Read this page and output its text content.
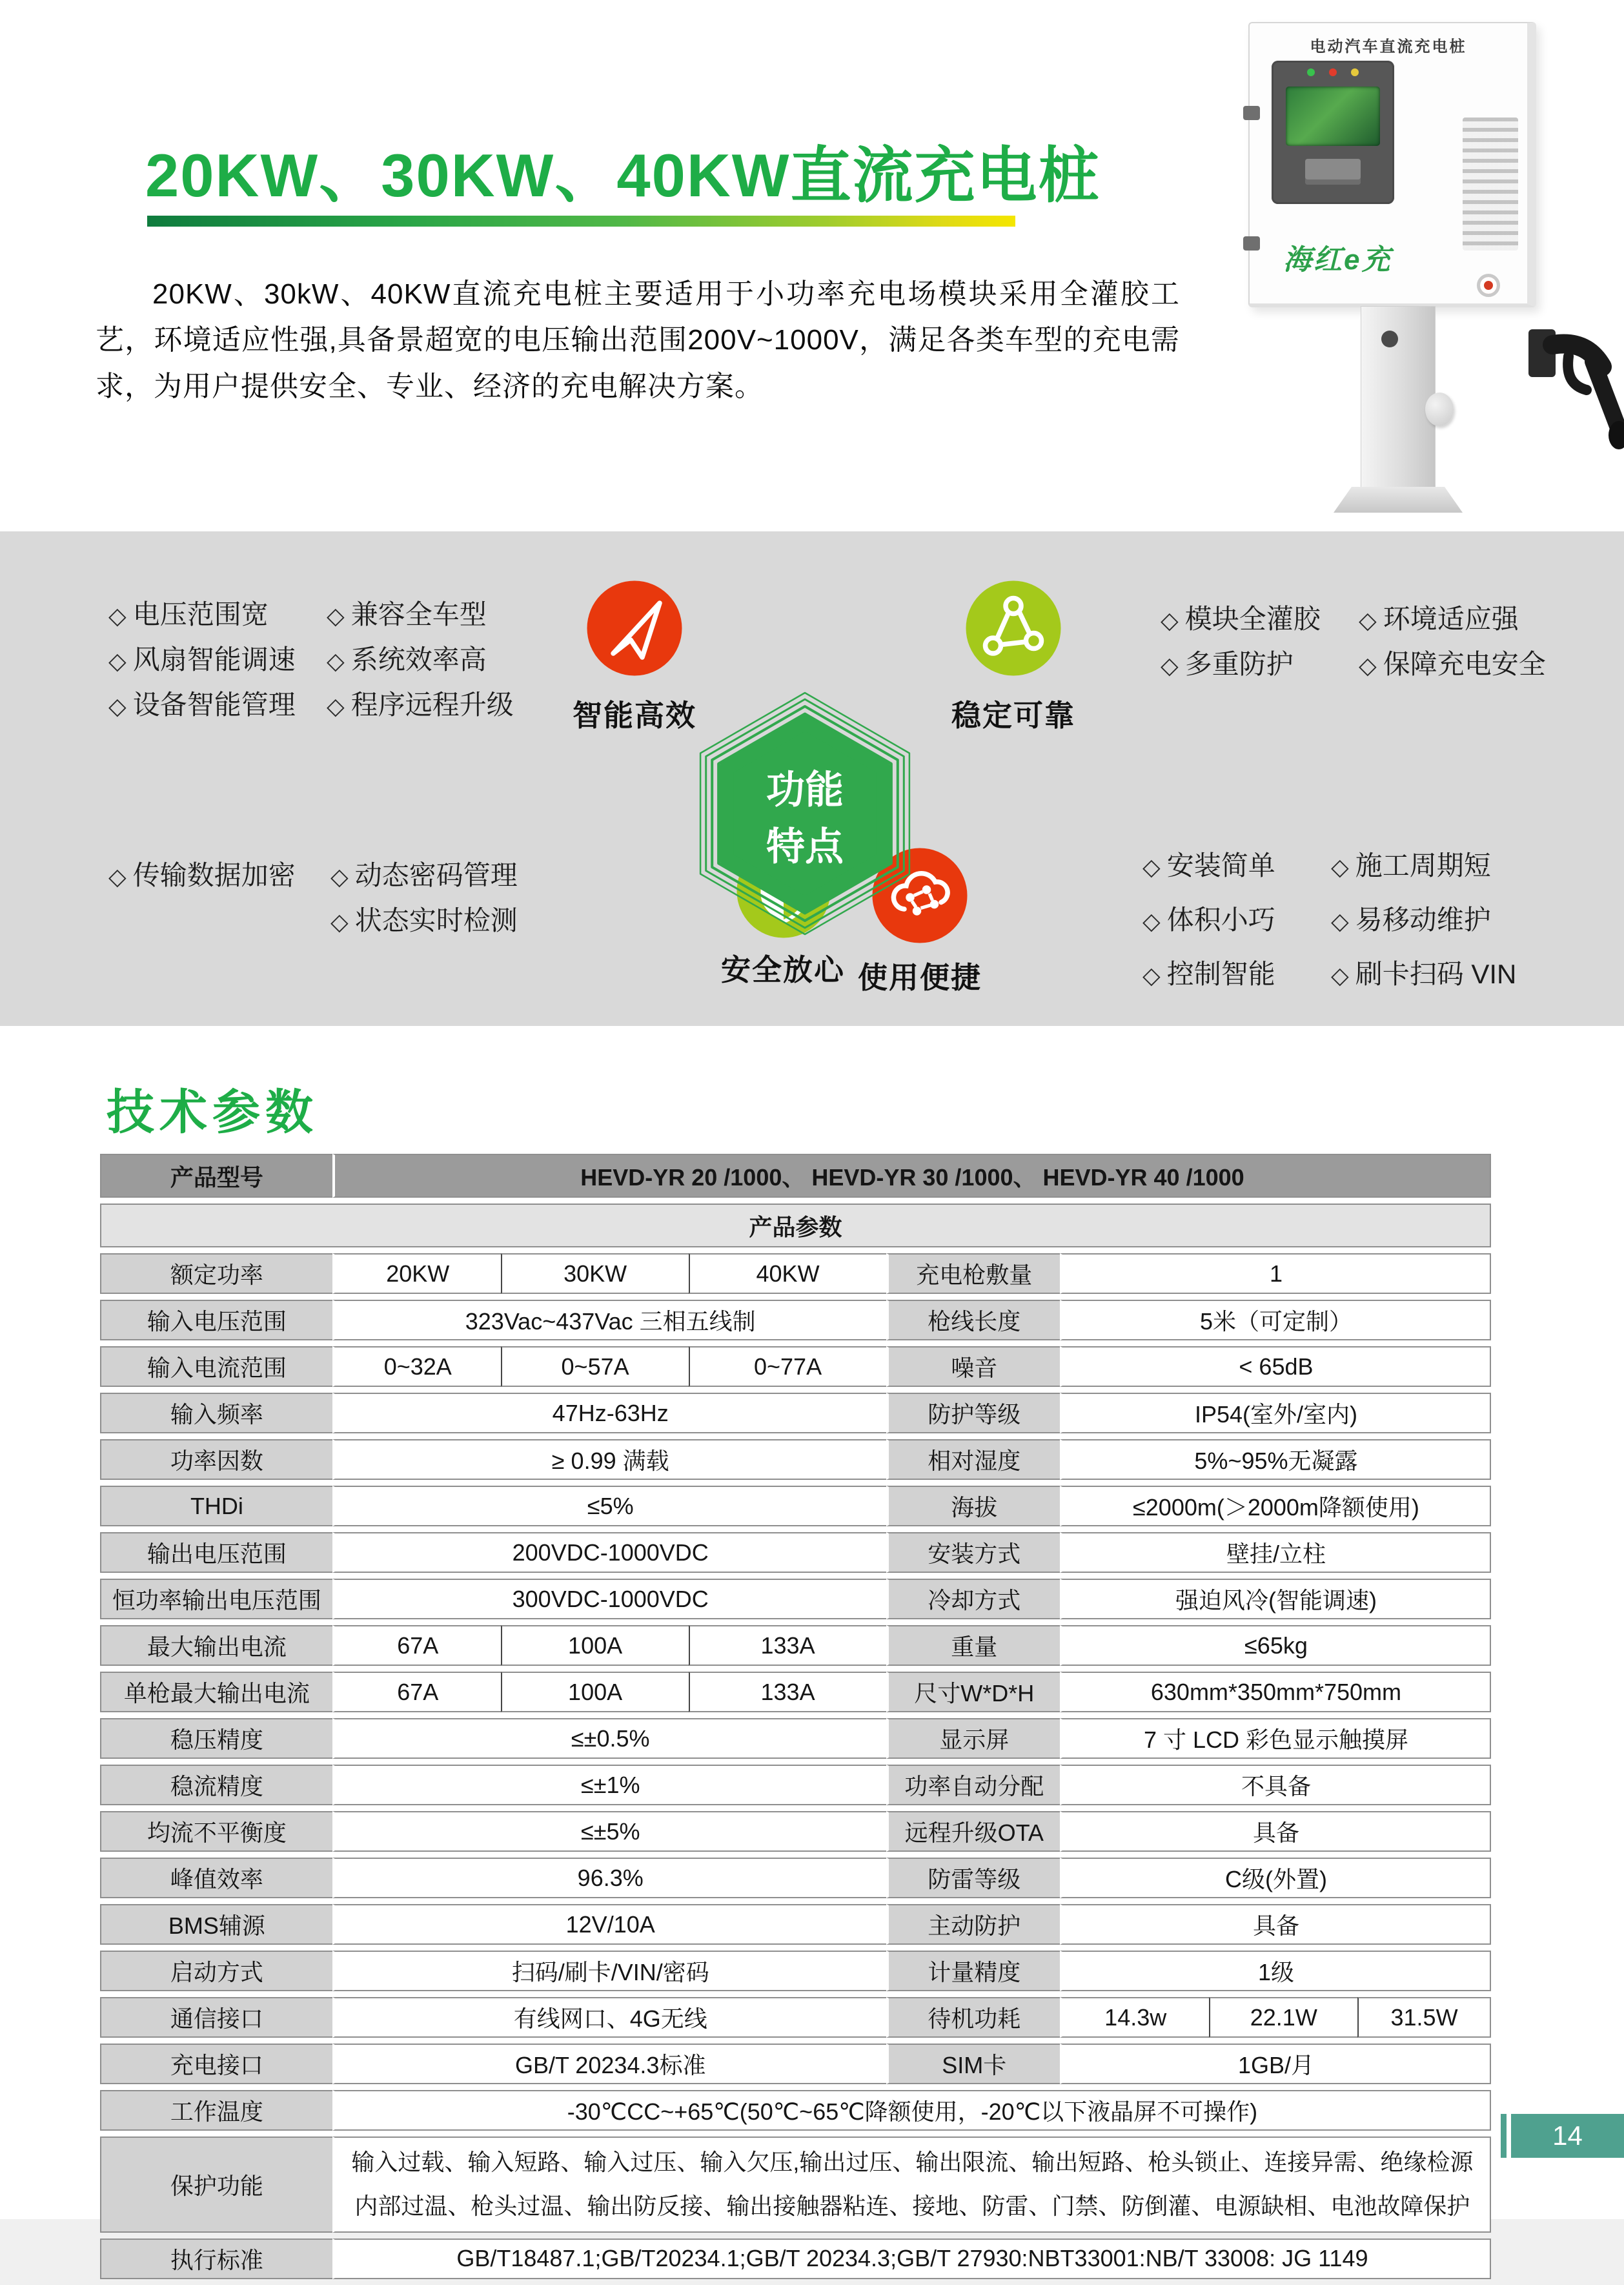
20KW、30KW、40KW直流充电桩
20KW、30kW、40KW直流充电桩主要适用于小功率充电场模块采用全灌胶工艺，环境适应性强,具备景超宽的电压输出范围200V~1000V，满足各类车型的充电需求，为用户提供安全、专业、经济的充电解决方案。
电动汽车直流充电桩
海红e充
◇ 电压范围宽
◇ 风扇智能调速
◇ 设备智能管理
◇ 兼容全车型
◇ 系统效率高
◇ 程序远程升级	智能高效	稳定可靠
◇ 模块全灌胶
◇ 多重防护
◇ 环境适应强
◇ 保障充电安全
◇ 传输数据加密	◇ 动态密码管理
◇ 状态实时检测
安全放心 使用便捷
◇ 安装简单
◇ 体积小巧
◇ 控制智能
◇ 施工周期短
◇ 易移动维护
◇ 刷卡扫码 VIN
功能
特点
技术参数
产品型号	HEVD-YR 20 /1000、 HEVD-YR 30 /1000、 HEVD-YR 40 /1000						
产品参数							
额定功率	20KW	30KW	40KW	充电枪敷量	1		
输入电压范围	323Vac~437Vac 三相五线制			枪线长度	5米（可定制）		
输入电流范围	0~32A	0~57A	0~77A	噪音	< 65dB		
输入频率	47Hz-63Hz			防护等级	IP54(室外/室内)		
功率因数	≥ 0.99 满载			相对湿度	5%~95%无凝露		
THDi	≤5%			海拔	≤2000m(＞2000m降额使用)		
输出电压范围	200VDC-1000VDC			安装方式	壁挂/立柱		
恒功率输出电压范围	300VDC-1000VDC			冷却方式	强迫风冷(智能调速)		
最大输出电流	67A	100A	133A	重量	≤65kg		
单枪最大输出电流	67A	100A	133A	尺寸W*D*H	630mm*350mm*750mm		
稳压精度	≤±0.5%			显示屏	7 寸 LCD 彩色显示触摸屏		
稳流精度	≤±1%			功率自动分配	不具备		
均流不平衡度	≤±5%			远程升级OTA	具备		
峰值效率	96.3%			防雷等级	C级(外置)		
BMS辅源	12V/10A			主动防护	具备		
启动方式	扫码/刷卡/VIN/密码			计量精度	1级		
通信接口	有线网口、4G无线			待机功耗	14.3w	22.1W	31.5W
充电接口	GB/T 20234.3标准			SIM卡	1GB/月		
工作温度	-30℃CC~+65℃(50℃~65℃降额使用，-20℃以下液晶屏不可操作)						
保护功能	输入过载、输入短路、输入过压、输入欠压,输出过压、输出限流、输出短路、枪头锁止、连接异需、绝缘检源内部过温、枪头过温、输出防反接、输出接触器粘连、接地、防雷、门禁、防倒灌、电源缺相、电池故障保护						
执行标准	GB/T18487.1;GB/T20234.1;GB/T 20234.3;GB/T 27930:NBT33001:NB/T 33008: JG 1149						
14
